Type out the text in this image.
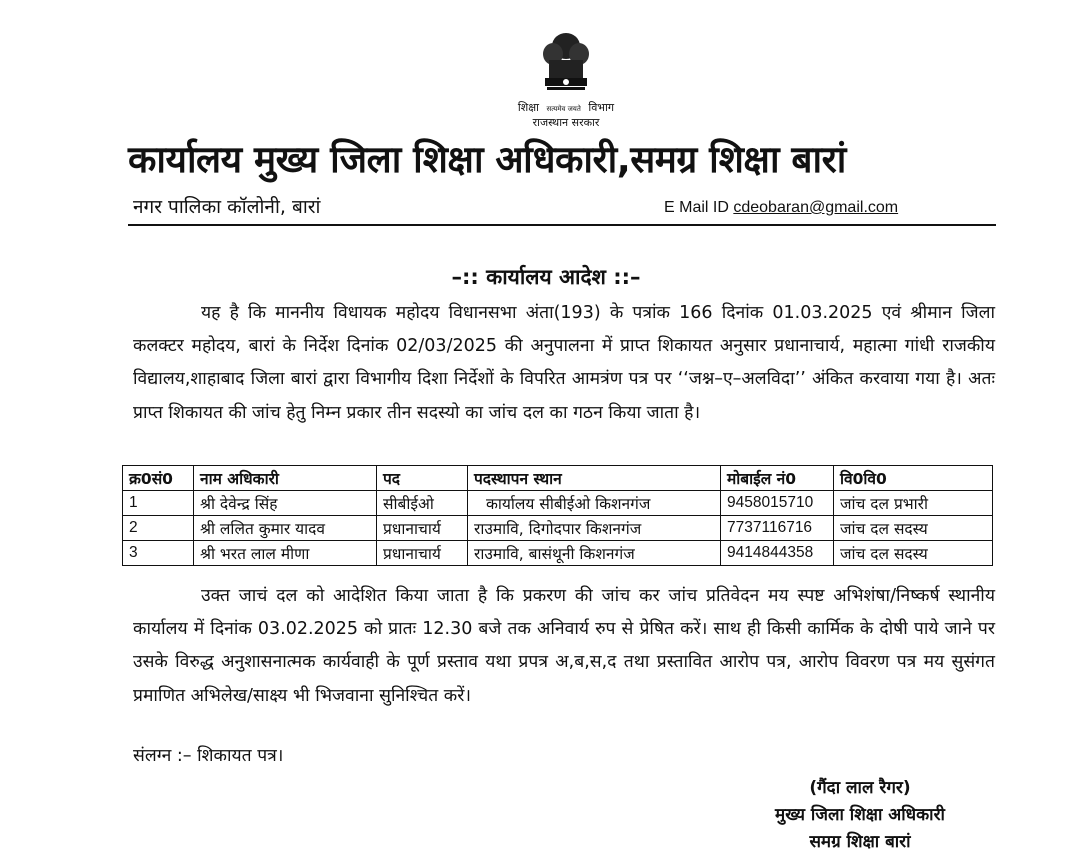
शिक्षा सत्यमेव जयते विभाग
राजस्थान सरकार
कार्यालय मुख्य जिला शिक्षा अधिकारी,समग्र शिक्षा बारां
नगर पालिका कॉलोनी, बारां	E Mail ID cdeobaran@gmail.com
–:: कार्यालय आदेश ::–
यह है कि माननीय विधायक महोदय विधानसभा अंता(193) के पत्रांक 166 दिनांक 01.03.2025 एवं श्रीमान जिला कलक्टर महोदय, बारां के निर्देश दिनांक 02/03/2025 की अनुपालना में प्राप्त शिकायत अनुसार प्रधानाचार्य, महात्मा गांधी राजकीय विद्यालय,शाहाबाद जिला बारां द्वारा विभागीय दिशा निर्देशों के विपरित आमत्रंण पत्र पर ‘‘जश्न–ए–अलविदा’’ अंकित करवाया गया है। अतः प्राप्त शिकायत की जांच हेतु निम्न प्रकार तीन सदस्यो का जांच दल का गठन किया जाता है।
क्र0सं0	नाम अधिकारी	पद	पदस्थापन स्थान	मोबाईल नं0	वि0वि0
1	श्री देवेन्द्र सिंह	सीबीईओ	कार्यालय सीबीईओ किशनगंज	9458015710	जांच दल प्रभारी
2	श्री ललित कुमार यादव	प्रधानाचार्य	राउमावि, दिगोदपार किशनगंज	7737116716	जांच दल सदस्य
3	श्री भरत लाल मीणा	प्रधानाचार्य	राउमावि, बासंथूनी किशनगंज	9414844358	जांच दल सदस्य
उक्त जाचं दल को आदेशित किया जाता है कि प्रकरण की जांच कर जांच प्रतिवेदन मय स्पष्ट अभिशंषा/निष्कर्ष स्थानीय कार्यालय में दिनांक 03.02.2025 को प्रातः 12.30 बजे तक अनिवार्य रुप से प्रेषित करें। साथ ही किसी कार्मिक के दोषी पाये जाने पर उसके विरुद्ध अनुशासनात्मक कार्यवाही के पूर्ण प्रस्ताव यथा प्रपत्र अ,ब,स,द तथा प्रस्तावित आरोप पत्र, आरोप विवरण पत्र मय सुसंगत प्रमाणित अभिलेख/साक्ष्य भी भिजवाना सुनिश्चित करें।
संलग्न :– शिकायत पत्र।
(गैंदा लाल रैगर)
मुख्य जिला शिक्षा अधिकारी
समग्र शिक्षा बारां
